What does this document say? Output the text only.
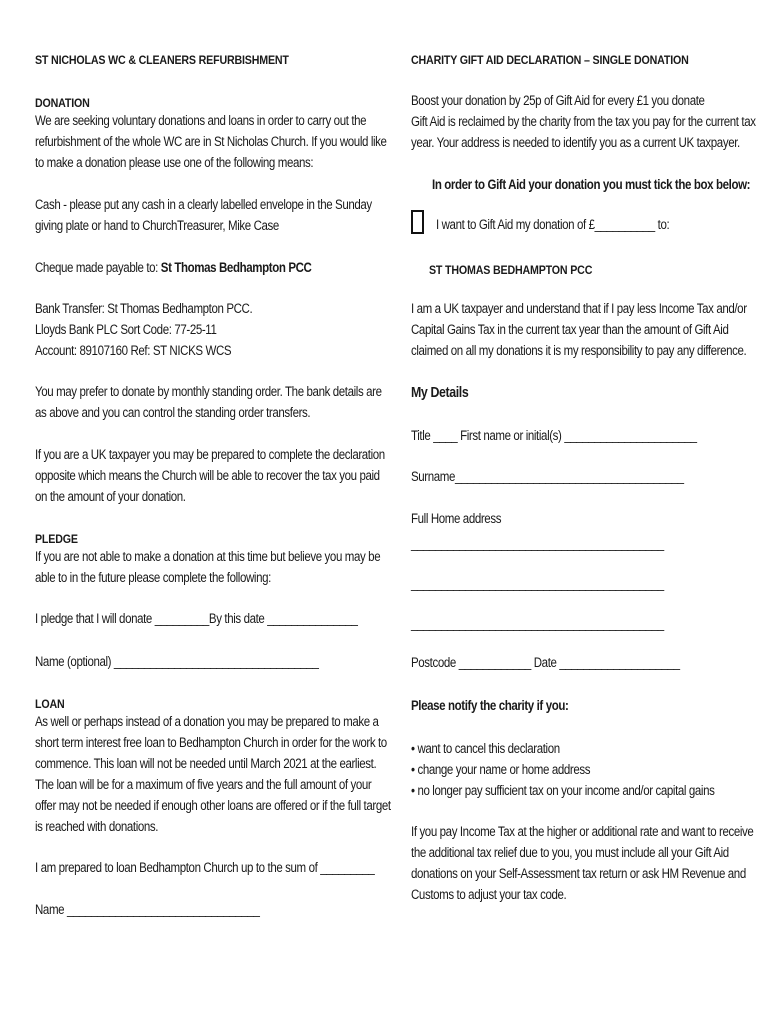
ST NICHOLAS WC & CLEANERS REFURBISHMENT
DONATION
We are seeking voluntary donations and loans in order to carry out the
refurbishment of the whole WC are in St Nicholas Church. If you would like
to make a donation please use one of the following means:
Cash - please put any cash in a clearly labelled envelope in the Sunday
giving plate or hand to ChurchTreasurer, Mike Case
Cheque made payable to: St Thomas Bedhampton PCC
Bank Transfer: St Thomas Bedhampton PCC.
Lloyds Bank PLC Sort Code: 77-25-11
Account: 89107160 Ref: ST NICKS WCS
You may prefer to donate by monthly standing order. The bank details are
as above and you can control the standing order transfers.
If you are a UK taxpayer you may be prepared to complete the declaration
opposite which means the Church will be able to recover the tax you paid
on the amount of your donation.
PLEDGE
If you are not able to make a donation at this time but believe you may be
able to in the future please complete the following:
I pledge that I will donate _________By this date _______________
Name (optional) __________________________________
LOAN
As well or perhaps instead of a donation you may be prepared to make a
short term interest free loan to Bedhampton Church in order for the work to
commence. This loan will not be needed until March 2021 at the earliest.
The loan will be for a maximum of five years and the full amount of your
offer may not be needed if enough other loans are offered or if the full target
is reached with donations.
I am prepared to loan Bedhampton Church up to the sum of _________
Name ________________________________
CHARITY GIFT AID DECLARATION – SINGLE DONATION
Boost your donation by 25p of Gift Aid for every £1 you donate
Gift Aid is reclaimed by the charity from the tax you pay for the current tax
year. Your address is needed to identify you as a current UK taxpayer.
In order to Gift Aid your donation you must tick the box below:
I want to Gift Aid my donation of £__________ to:
ST THOMAS BEDHAMPTON PCC
I am a UK taxpayer and understand that if I pay less Income Tax and/or
Capital Gains Tax in the current tax year than the amount of Gift Aid
claimed on all my donations it is my responsibility to pay any difference.
My Details
Title ____ First name or initial(s) ______________________
Surname______________________________________
Full Home address
__________________________________________
__________________________________________
__________________________________________
Postcode ____________ Date ____________________
Please notify the charity if you:
• want to cancel this declaration
• change your name or home address
• no longer pay sufficient tax on your income and/or capital gains
If you pay Income Tax at the higher or additional rate and want to receive
the additional tax relief due to you, you must include all your Gift Aid
donations on your Self-Assessment tax return or ask HM Revenue and
Customs to adjust your tax code.
